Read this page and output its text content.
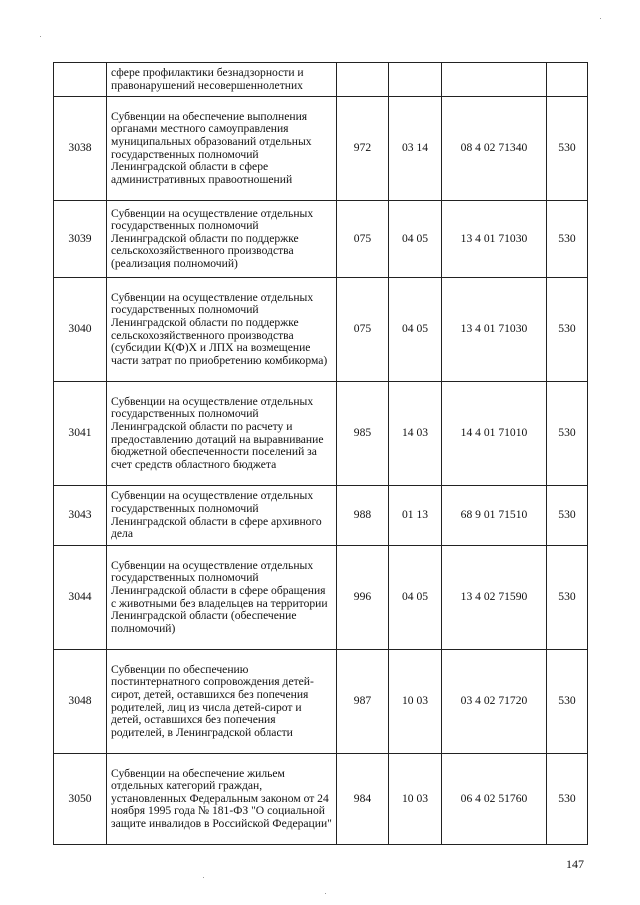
	сфере профилактики безнадзорности и правонарушений несовершеннолетних				
3038	Субвенции на обеспечение выполнения органами местного самоуправления муниципальных образований отдельных государственных полномочий Ленинградской области в сфере административных правоотношений	972	03 14	08 4 02 71340	530
3039	Субвенции на осуществление отдельных государственных полномочий Ленинградской области по поддержке сельскохозяйственного производства (реализация полномочий)	075	04 05	13 4 01 71030	530
3040	Субвенции на осуществление отдельных государственных полномочий Ленинградской области по поддержке сельскохозяйственного производства (субсидии К(Ф)Х и ЛПХ на возмещение части затрат по приобретению комбикорма)	075	04 05	13 4 01 71030	530
3041	Субвенции на осуществление отдельных государственных полномочий Ленинградской области по расчету и предоставлению дотаций на выравнивание бюджетной обеспеченности поселений за счет средств областного бюджета	985	14 03	14 4 01 71010	530
3043	Субвенции на осуществление отдельных государственных полномочий Ленинградской области в сфере архивного дела	988	01 13	68 9 01 71510	530
3044	Субвенции на осуществление отдельных государственных полномочий Ленинградской области в сфере обращения с животными без владельцев на территории Ленинградской области (обеспечение полномочий)	996	04 05	13 4 02 71590	530
3048	Субвенции по обеспечению постинтернатного сопровождения детей-сирот, детей, оставшихся без попечения родителей, лиц из числа детей-сирот и детей, оставшихся без попечения родителей, в Ленинградской области	987	10 03	03 4 02 71720	530
3050	Субвенции на обеспечение жильем отдельных категорий граждан, установленных Федеральным законом от 24 ноября 1995 года № 181-ФЗ "О социальной защите инвалидов в Российской Федерации"	984	10 03	06 4 02 51760	530
147
